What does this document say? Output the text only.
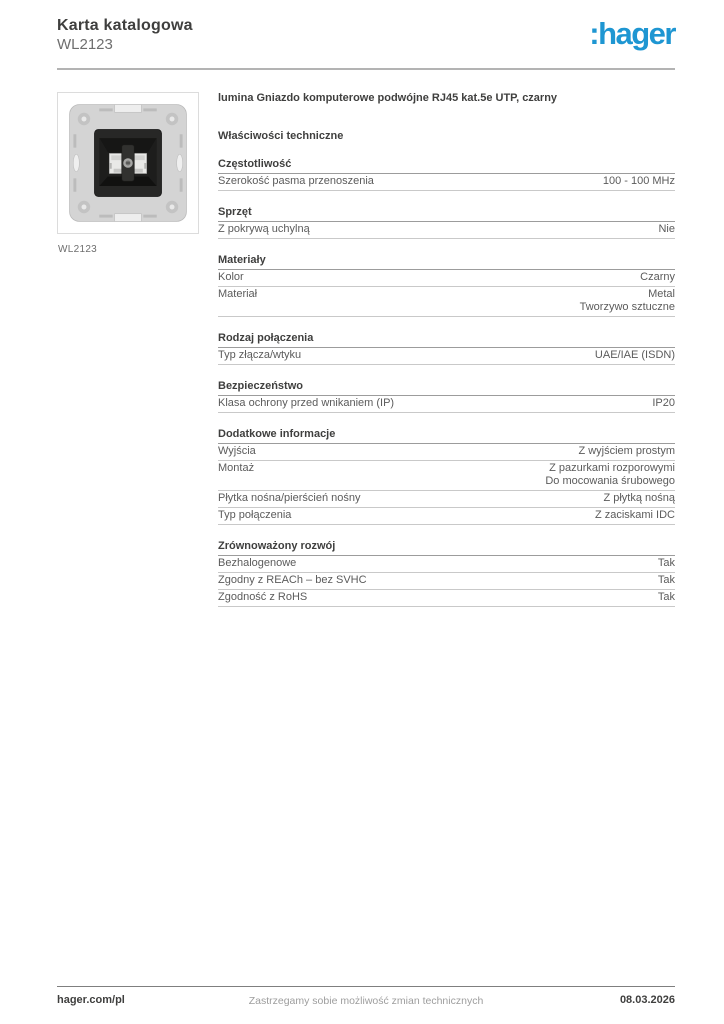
Karta katalogowa
WL2123	:hager
WL2123
lumina Gniazdo komputerowe podwójne RJ45 kat.5e UTP, czarny
Właściwości techniczne
Częstotliwość
Szerokość pasma przenoszenia	100 - 100 MHz
Sprzęt
Z pokrywą uchylną	Nie
Materiały
Kolor	Czarny
Materiał	Metal
Tworzywo sztuczne
Rodzaj połączenia
Typ złącza/wtyku	UAE/IAE (ISDN)
Bezpieczeństwo
Klasa ochrony przed wnikaniem (IP)	IP20
Dodatkowe informacje
Wyjścia	Z wyjściem prostym
Montaż	Z pazurkami rozporowymi
Do mocowania śrubowego
Płytka nośna/pierścień nośny	Z płytką nośną
Typ połączenia	Z zaciskami IDC
Zrównoważony rozwój
Bezhalogenowe	Tak
Zgodny z REACh – bez SVHC	Tak
Zgodność z RoHS	Tak
hager.com/pl	Zastrzegamy sobie możliwość zmian technicznych	08.03.2026
